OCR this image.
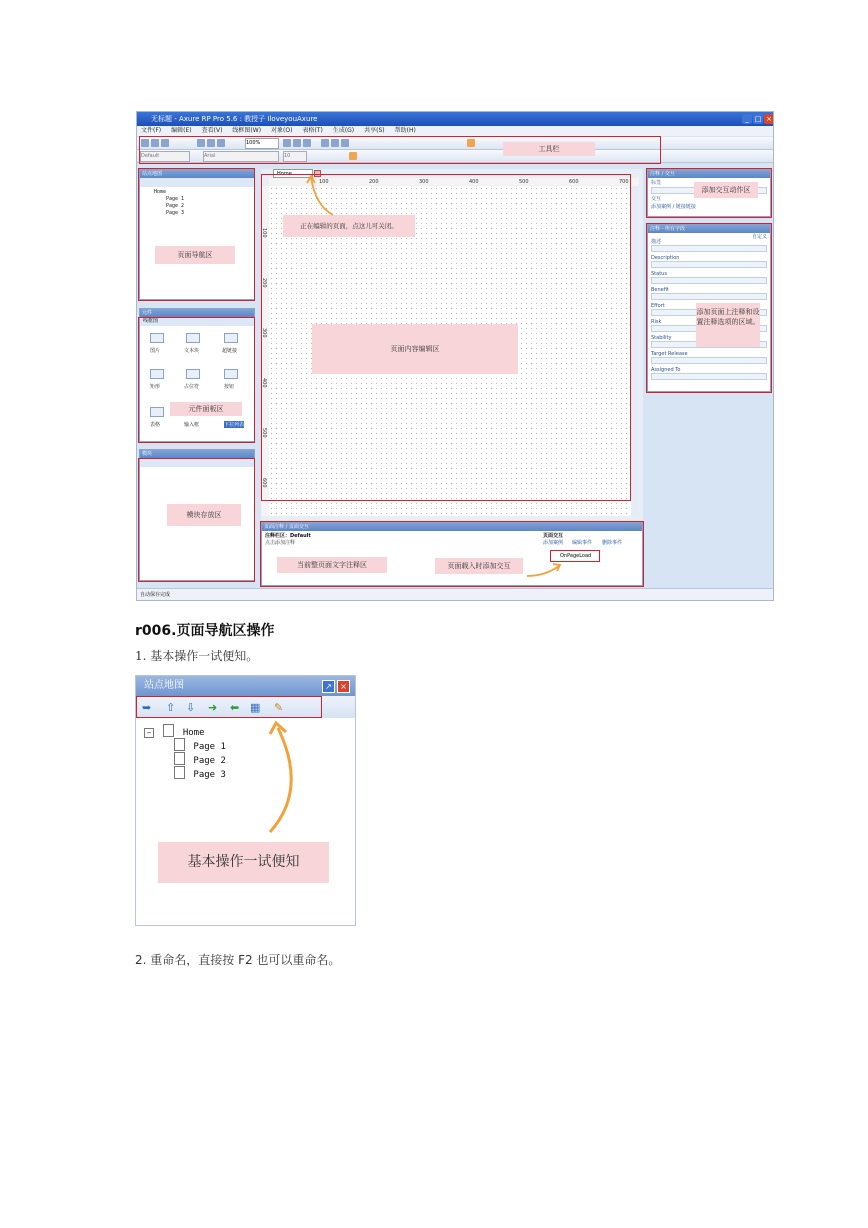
无标题 - Axure RP Pro 5.6 : 教授子 IloveyouAxure	_ □ ×
文件(F) 编辑(E) 查看(V) 线框图(W) 对象(O) 表格(T) 生成(G) 共享(S) 帮助(H)
100%
Default	Arial	10
工具栏
站点地图
Home
Page 1
Page 2
Page 3
页面导航区
元件
线框图
图片	文本块	超链接
矩形	占位符	按钮
表格	输入框	下拉列表
元件面板区
模块
模块存放区
Home
100	200	300	400	500	600	700
100
200
300
400
500
600
正在编辑的页面，点这儿可关闭。
页面内容编辑区
注释 / 交互
标签
交互
添加案例 / 链接链接
添加交互动作区
注释 - 所有字段
自定义
描述
Description
Status
Benefit
Effort
Risk
Stability
Target Release
Assigned To
添加页面上注释和设置注释选项的区域。
页面注释 / 页面交互
注释栏区：Default
点击添加注释
页面交互
添加案例 编辑事件 删除事件
OnPageLoad
当前整页面文字注释区	页面载入时添加交互
自动保存完成
r006.页面导航区操作
1. 基本操作一试便知。
站点地图	↗	×
➥ ⇧ ⇩ ➜ ⬅ ▦ ✎
−	Home
Page 1
Page 2
Page 3
基本操作一试便知
2. 重命名，直接按 F2 也可以重命名。
